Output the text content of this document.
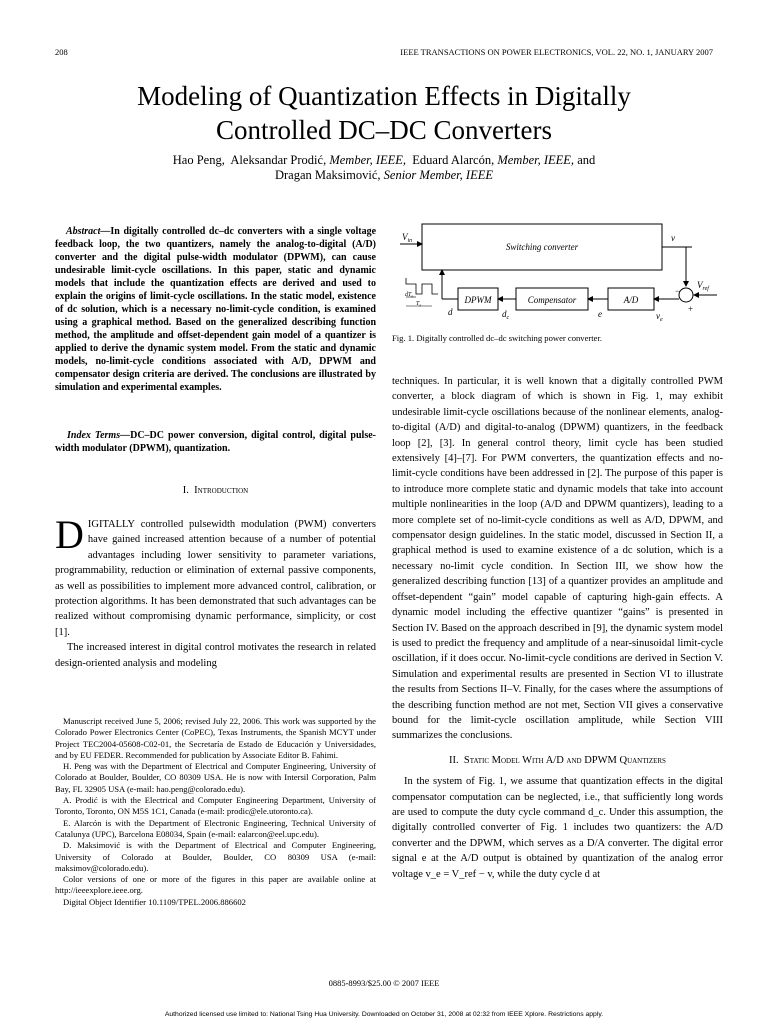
208	IEEE TRANSACTIONS ON POWER ELECTRONICS, VOL. 22, NO. 1, JANUARY 2007
Modeling of Quantization Effects in Digitally
Controlled DC–DC Converters
Hao Peng, Aleksandar Prodić, Member, IEEE, Eduard Alarcón, Member, IEEE, and
Dragan Maksimović, Senior Member, IEEE
Abstract—In digitally controlled dc–dc converters with a single voltage feedback loop, the two quantizers, namely the analog-to-digital (A/D) converter and the digital pulse-width modulator (DPWM), can cause undesirable limit-cycle oscillations. In this paper, static and dynamic models that include the quantization effects are derived and used to explain the origins of limit-cycle oscillations. In the static model, existence of dc solution, which is a necessary no-limit-cycle condition, is examined using a graphical method. Based on the generalized describing function method, the amplitude and offset-dependent gain model of a quantizer is applied to derive the dynamic system model. From the static and dynamic models, no-limit-cycle conditions associated with A/D, DPWM and compensator design criteria are derived. The conclusions are illustrated by simulation and experimental examples.
Index Terms—DC–DC power conversion, digital control, digital pulse-width modulator (DPWM), quantization.
I. Introduction

DIGITALLY controlled pulsewidth modulation (PWM) converters have gained increased attention because of a number of potential advantages including lower sensitivity to parameter variations, programmability, reduction or elimination of external passive components, as well as possibilities to implement more advanced control, calibration, or protection algorithms. It has been demonstrated that such advantages can be realized without compromising dynamic performance, simplicity, or cost [1].

The increased interest in digital control motivates the research in related design-oriented analysis and modeling

Manuscript received June 5, 2006; revised July 22, 2006. This work was supported by the Colorado Power Electronics Center (CoPEC), Texas Instruments, the Spanish MCYT under Project TEC2004-05608-C02-01, the Secretaría de Estado de Educación y Universidades, and by EU FEDER. Recommended for publication by Associate Editor B. Fahimi.

H. Peng was with the Department of Electrical and Computer Engineering, University of Colorado at Boulder, Boulder, CO 80309 USA. He is now with Intersil Corporation, Palm Bay, FL 32905 USA (e-mail: hao.peng@colorado.edu).

A. Prodić is with the Electrical and Computer Engineering Department, University of Toronto, Toronto, ON M5S 1C1, Canada (e-mail: prodic@ele.utoronto.ca).

E. Alarcón is with the Department of Electronic Engineering, Technical University of Catalunya (UPC), Barcelona E08034, Spain (e-mail: ealarcon@eel.upc.edu).

D. Maksimović is with the Department of Electrical and Computer Engineering, University of Colorado at Boulder, Boulder, CO 80309 USA (e-mail: maksimov@colorado.edu).

Color versions of one or more of the figures in this paper are available online at http://ieeexplore.ieee.org.

Digital Object Identifier 10.1109/TPEL.2006.886602

Switching converter
$V_{in}$	v
−
+
$V_{ref}$
A/D
$v_e$
Compensator
e
DPWM
$d_c$
d
$dT_s$
$T_s$
Fig. 1. Digitally controlled dc–dc switching power converter.

techniques. In particular, it is well known that a digitally controlled PWM converter, a block diagram of which is shown in Fig. 1, may exhibit undesirable limit-cycle oscillations because of the nonlinear elements, analog-to-digital (A/D) and digital-to-analog (DPWM) quantizers, in the feedback loop [2], [3]. In general control theory, limit cycle has been studied extensively [4]–[7]. For PWM converters, the quantization effects and no-limit-cycle conditions have been addressed in [2]. The purpose of this paper is to introduce more complete static and dynamic models that take into account multiple nonlinearities in the loop (A/D and DPWM quantizers), leading to a more complete set of no-limit-cycle conditions as well as A/D, DPWM, and compensator design guidelines. In the static model, discussed in Section II, a graphical method is used to examine existence of a dc solution, which is a necessary no-limit cycle condition. In Section III, we show how the generalized describing function [13] of a quantizer provides an amplitude and offset-dependent “gain” model capable of capturing high-gain effects. A dynamic model including the effective quantizer “gains” is presented in Section IV. Based on the approach described in [9], the dynamic system model is used to predict the frequency and amplitude of a near-sinusoidal limit-cycle oscillation, if it does occur. No-limit-cycle conditions are derived in Section V. Simulation and experimental results are presented in Section VI to illustrate the results from Sections II–V. Finally, for the cases where the assumptions of the describing function method are not met, Section VII gives a conservative bound for the limit-cycle oscillation amplitude, while Section VIII summarizes the conclusions.

II. Static Model With A/D and DPWM Quantizers

In the system of Fig. 1, we assume that quantization effects in the digital compensator computation can be neglected, i.e., that sufficiently long words are used to compute the duty cycle command d_c. Under this assumption, the digitally controlled converter of Fig. 1 includes two quantizers: the A/D converter and the DPWM, which serves as a D/A converter. The digital error signal e at the A/D output is obtained by quantization of the analog error voltage v_e = V_ref − v, while the duty cycle d at

0885-8993/$25.00 © 2007 IEEE
Authorized licensed use limited to: National Tsing Hua University. Downloaded on October 31, 2008 at 02:32 from IEEE Xplore. Restrictions apply.
